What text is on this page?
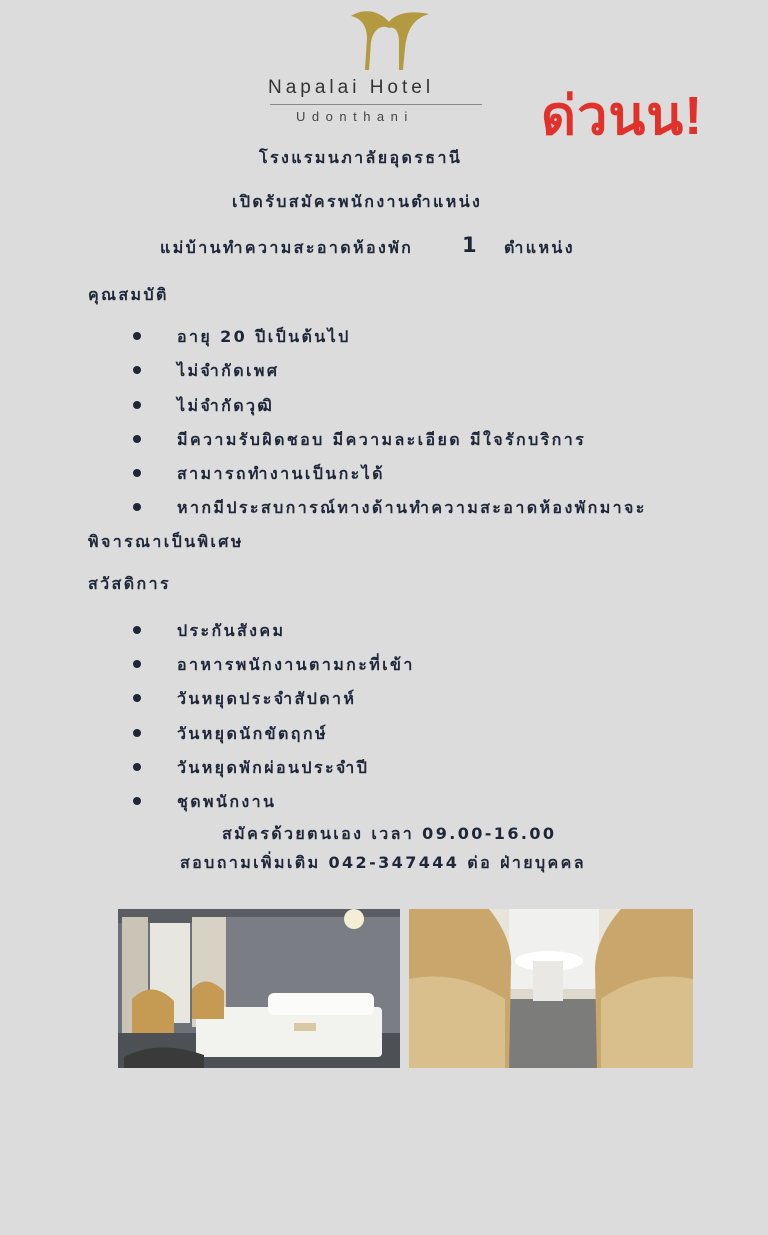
Napalai Hotel
Udonthani	ด่วนน!
โรงแรมนภาลัยอุดรธานี
เปิดรับสมัครพนักงานตำแหน่ง
แม่บ้านทำความสะอาดห้องพัก 1 ตำแหน่ง
คุณสมบัติ
อายุ 20 ปีเป็นต้นไป
ไม่จำกัดเพศ
ไม่จำกัดวุฒิ
มีความรับผิดชอบ มีความละเอียด มีใจรักบริการ
สามารถทำงานเป็นกะได้
หากมีประสบการณ์ทางด้านทำความสะอาดห้องพักมาจะ
พิจารณาเป็นพิเศษ
สวัสดิการ
ประกันสังคม
อาหารพนักงานตามกะที่เข้า
วันหยุดประจำสัปดาห์
วันหยุดนักขัตฤกษ์
วันหยุดพักผ่อนประจำปี
ชุดพนักงาน
สมัครด้วยตนเอง เวลา 09.00-16.00
สอบถามเพิ่มเติม 042-347444 ต่อ ฝ่ายบุคคล
